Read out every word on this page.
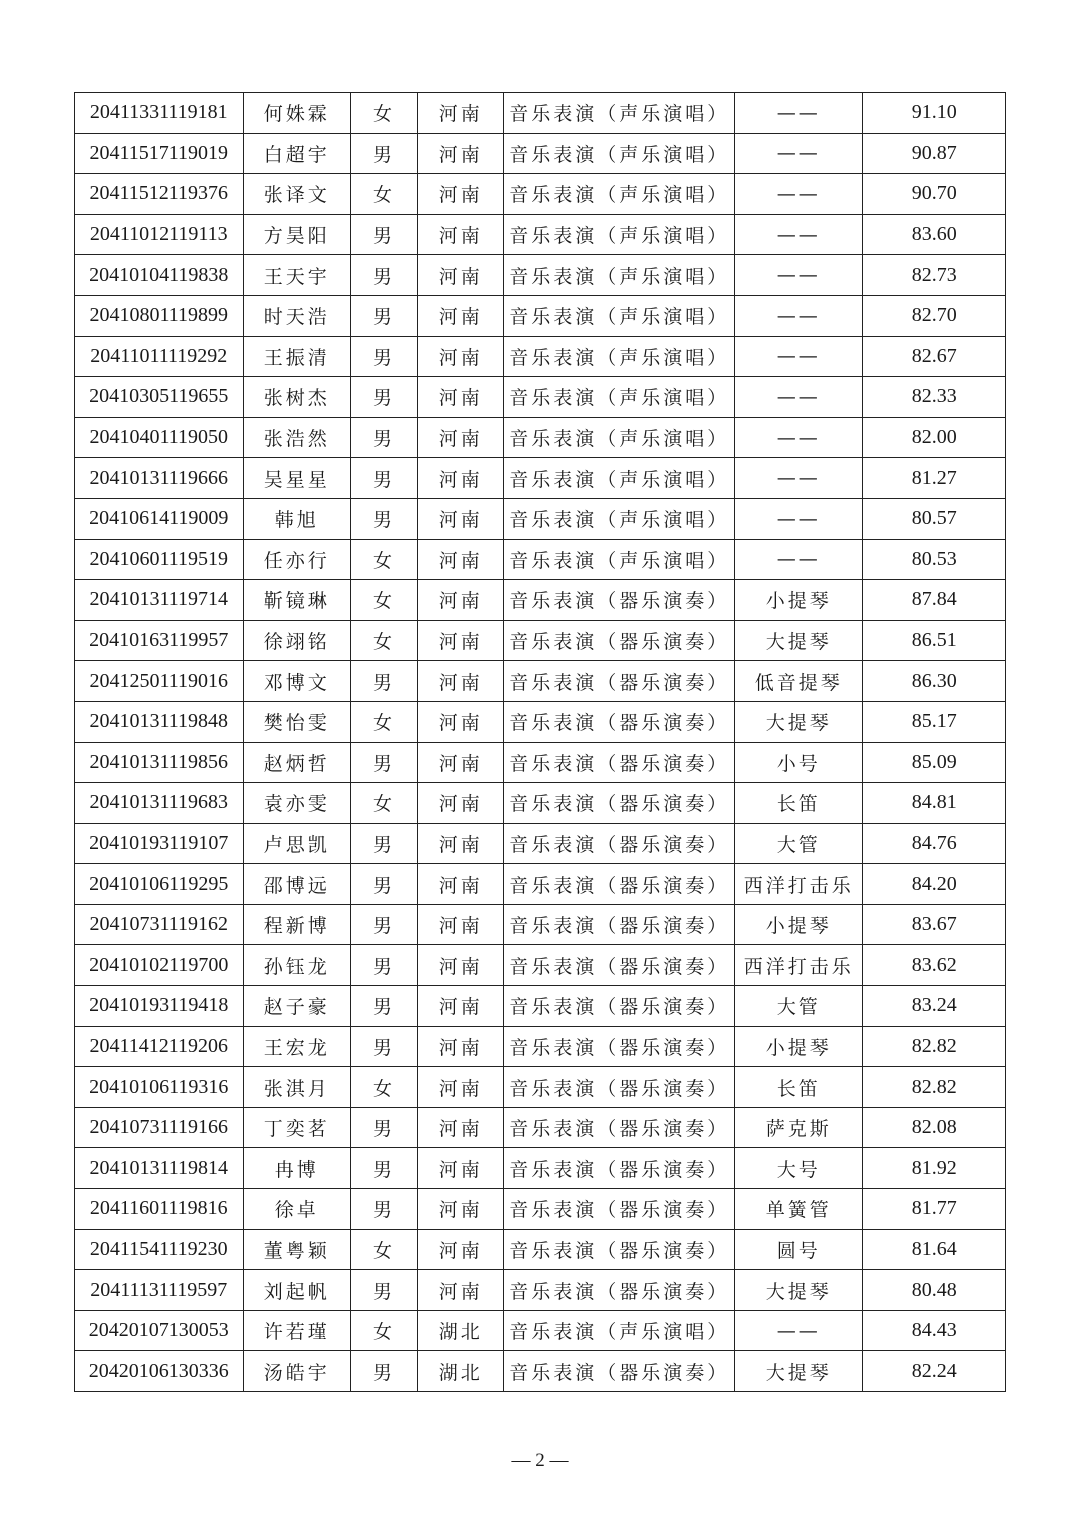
20411331119181	何姝霖	女	河南	音乐表演（声乐演唱）	——	91.10
20411517119019	白超宇	男	河南	音乐表演（声乐演唱）	——	90.87
20411512119376	张译文	女	河南	音乐表演（声乐演唱）	——	90.70
20411012119113	方昊阳	男	河南	音乐表演（声乐演唱）	——	83.60
20410104119838	王天宇	男	河南	音乐表演（声乐演唱）	——	82.73
20410801119899	时天浩	男	河南	音乐表演（声乐演唱）	——	82.70
20411011119292	王振清	男	河南	音乐表演（声乐演唱）	——	82.67
20410305119655	张树杰	男	河南	音乐表演（声乐演唱）	——	82.33
20410401119050	张浩然	男	河南	音乐表演（声乐演唱）	——	82.00
20410131119666	吴星星	男	河南	音乐表演（声乐演唱）	——	81.27
20410614119009	韩旭	男	河南	音乐表演（声乐演唱）	——	80.57
20410601119519	任亦行	女	河南	音乐表演（声乐演唱）	——	80.53
20410131119714	靳镜琳	女	河南	音乐表演（器乐演奏）	小提琴	87.84
20410163119957	徐翊铭	女	河南	音乐表演（器乐演奏）	大提琴	86.51
20412501119016	邓博文	男	河南	音乐表演（器乐演奏）	低音提琴	86.30
20410131119848	樊怡雯	女	河南	音乐表演（器乐演奏）	大提琴	85.17
20410131119856	赵炳哲	男	河南	音乐表演（器乐演奏）	小号	85.09
20410131119683	袁亦雯	女	河南	音乐表演（器乐演奏）	长笛	84.81
20410193119107	卢思凯	男	河南	音乐表演（器乐演奏）	大管	84.76
20410106119295	邵博远	男	河南	音乐表演（器乐演奏）	西洋打击乐	84.20
20410731119162	程新博	男	河南	音乐表演（器乐演奏）	小提琴	83.67
20410102119700	孙钰龙	男	河南	音乐表演（器乐演奏）	西洋打击乐	83.62
20410193119418	赵子豪	男	河南	音乐表演（器乐演奏）	大管	83.24
20411412119206	王宏龙	男	河南	音乐表演（器乐演奏）	小提琴	82.82
20410106119316	张淇月	女	河南	音乐表演（器乐演奏）	长笛	82.82
20410731119166	丁奕茗	男	河南	音乐表演（器乐演奏）	萨克斯	82.08
20410131119814	冉博	男	河南	音乐表演（器乐演奏）	大号	81.92
20411601119816	徐卓	男	河南	音乐表演（器乐演奏）	单簧管	81.77
20411541119230	董粤颖	女	河南	音乐表演（器乐演奏）	圆号	81.64
20411131119597	刘起帆	男	河南	音乐表演（器乐演奏）	大提琴	80.48
20420107130053	许若瑾	女	湖北	音乐表演（声乐演唱）	——	84.43
20420106130336	汤皓宇	男	湖北	音乐表演（器乐演奏）	大提琴	82.24
— 2 —
